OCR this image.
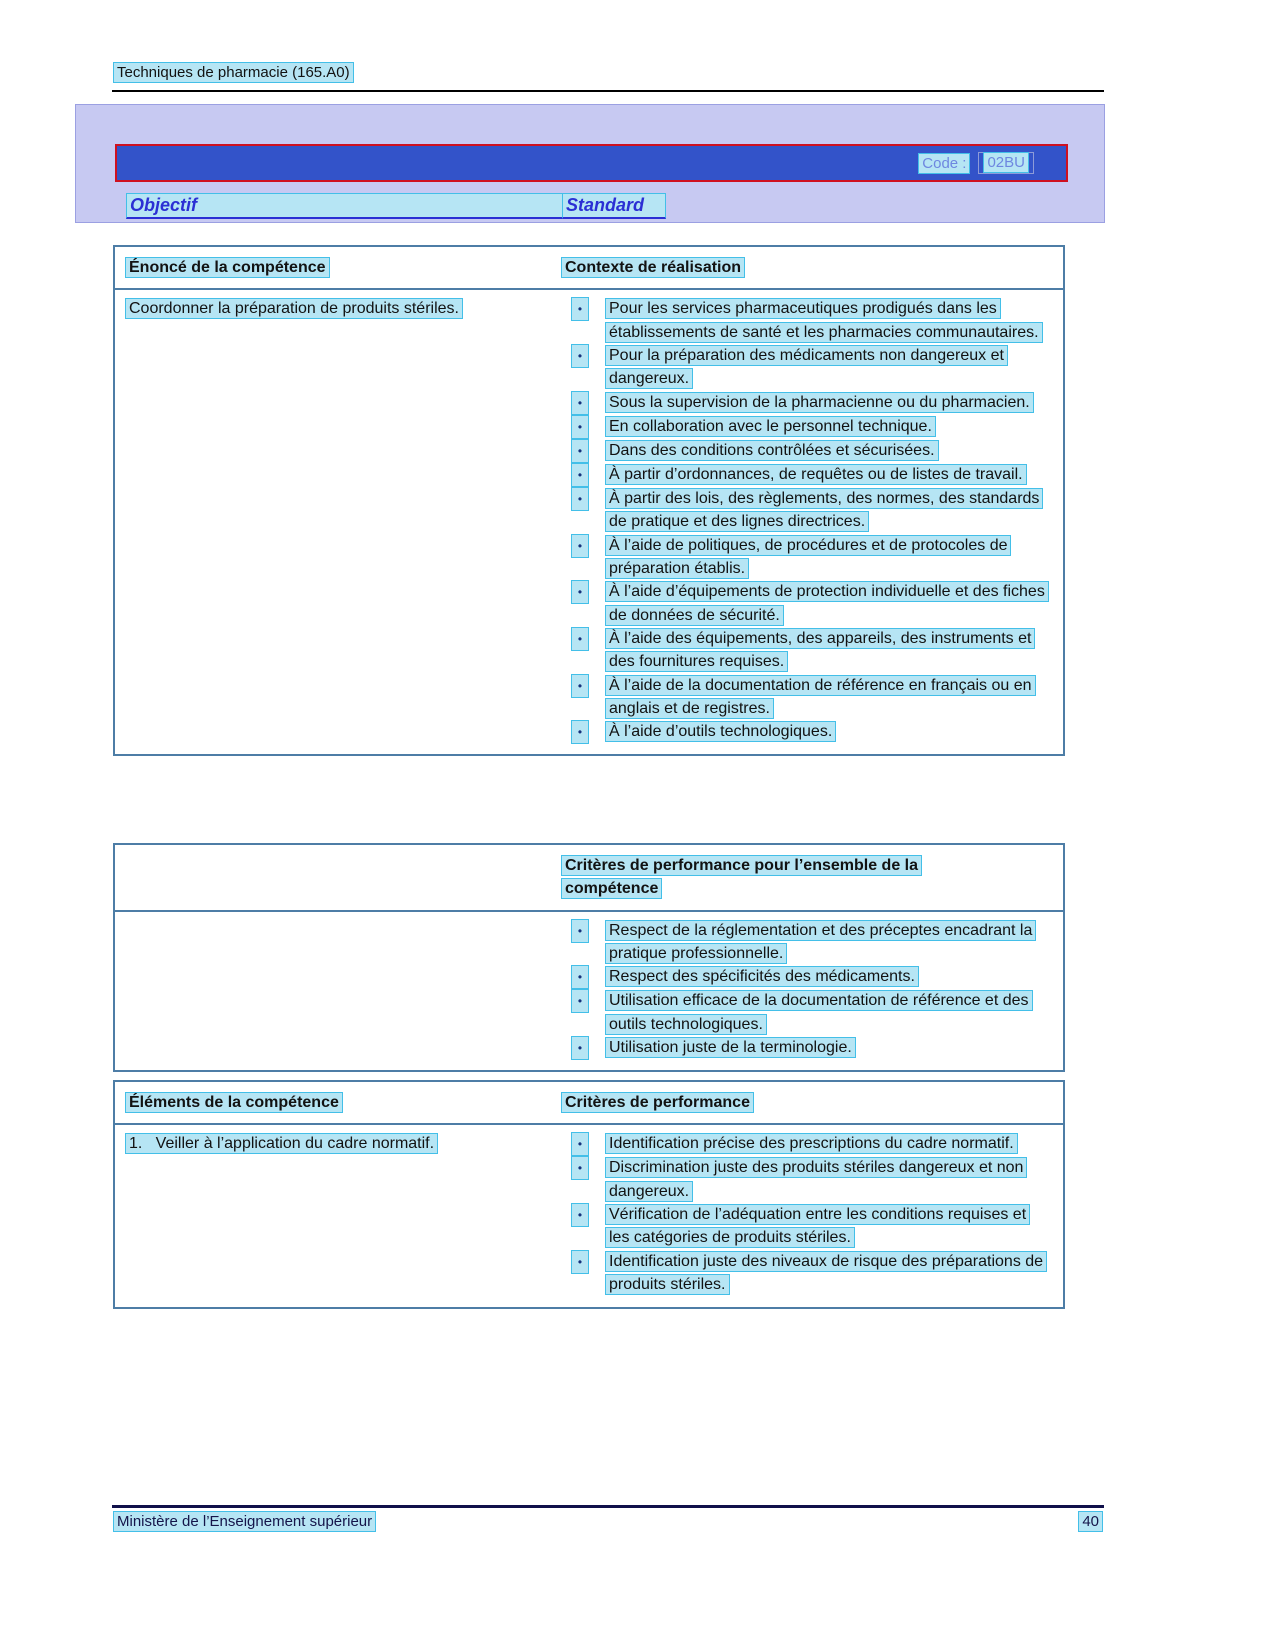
Techniques de pharmacie (165.A0)
Code :	02BU
Objectif	Standard
Énoncé de la compétence	Contexte de réalisation
Coordonner la préparation de produits stériles.	•	Pour les services pharmaceutiques prodigués dans les établissements de santé et les pharmacies communautaires.
•	Pour la préparation des médicaments non dangereux et dangereux.
•	Sous la supervision de la pharmacienne ou du pharmacien.
•	En collaboration avec le personnel technique.
•	Dans des conditions contrôlées et sécurisées.
•	À partir d’ordonnances, de requêtes ou de listes de travail.
•	À partir des lois, des règlements, des normes, des standards de pratique et des lignes directrices.
•	À l’aide de politiques, de procédures et de protocoles de préparation établis.
•	À l’aide d’équipements de protection individuelle et des fiches de données de sécurité.
•	À l’aide des équipements, des appareils, des instruments et des fournitures requises.
•	À l’aide de la documentation de référence en français ou en anglais et de registres.
•	À l’aide d’outils technologiques.
	Critères de performance pour l’ensemble de la compétence

•	Respect de la réglementation et des préceptes encadrant la pratique professionnelle.
•	Respect des spécificités des médicaments.
•	Utilisation efficace de la documentation de référence et des outils technologiques.
•	Utilisation juste de la terminologie.
Éléments de la compétence	Critères de performance
1.   Veiller à l’application du cadre normatif.	•	Identification précise des prescriptions du cadre normatif.
•	Discrimination juste des produits stériles dangereux et non dangereux.
•	Vérification de l’adéquation entre les conditions requises et les catégories de produits stériles.
•	Identification juste des niveaux de risque des préparations de produits stériles.
Ministère de l’Enseignement supérieur	40
